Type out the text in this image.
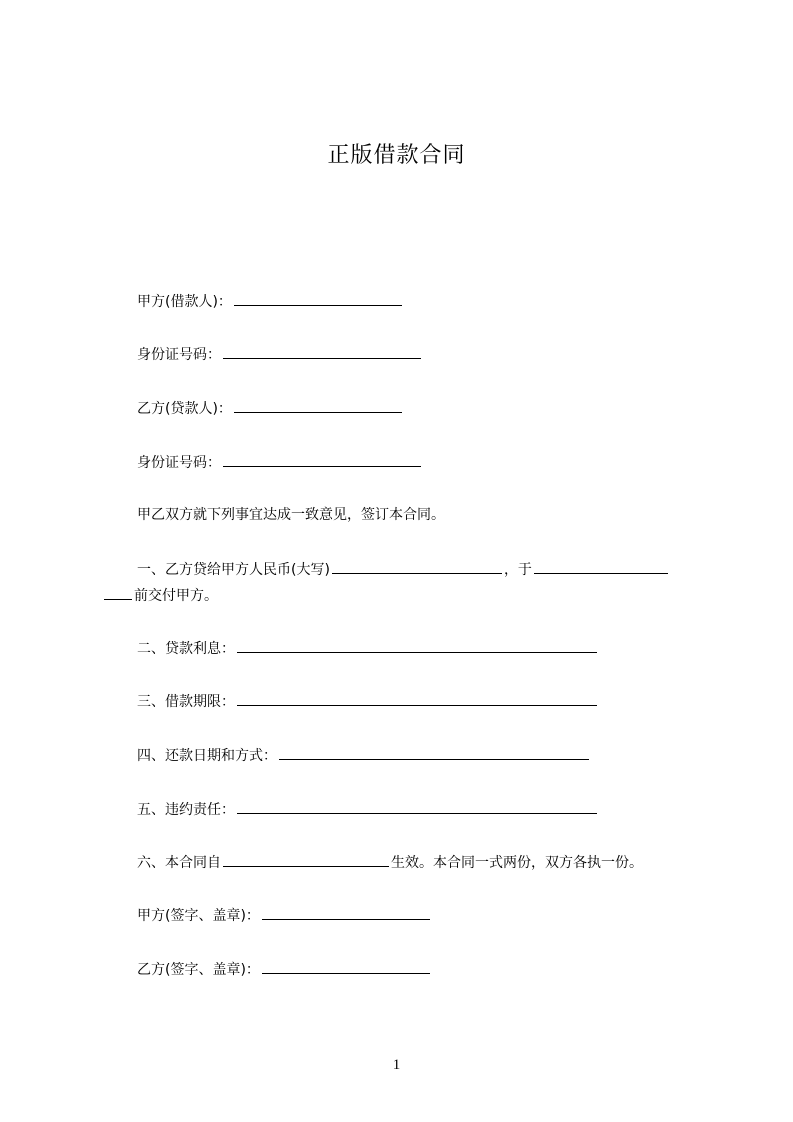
正版借款合同
甲方(借款人)：
身份证号码：
乙方(贷款人)：
身份证号码：
甲乙双方就下列事宜达成一致意见，签订本合同。
一、乙方贷给甲方人民币(大写)	，于
前交付甲方。
二、贷款利息：
三、借款期限：
四、还款日期和方式：
五、违约责任：
六、本合同自	生效。本合同一式两份，双方各执一份。
甲方(签字、盖章)：
乙方(签字、盖章)：
1
